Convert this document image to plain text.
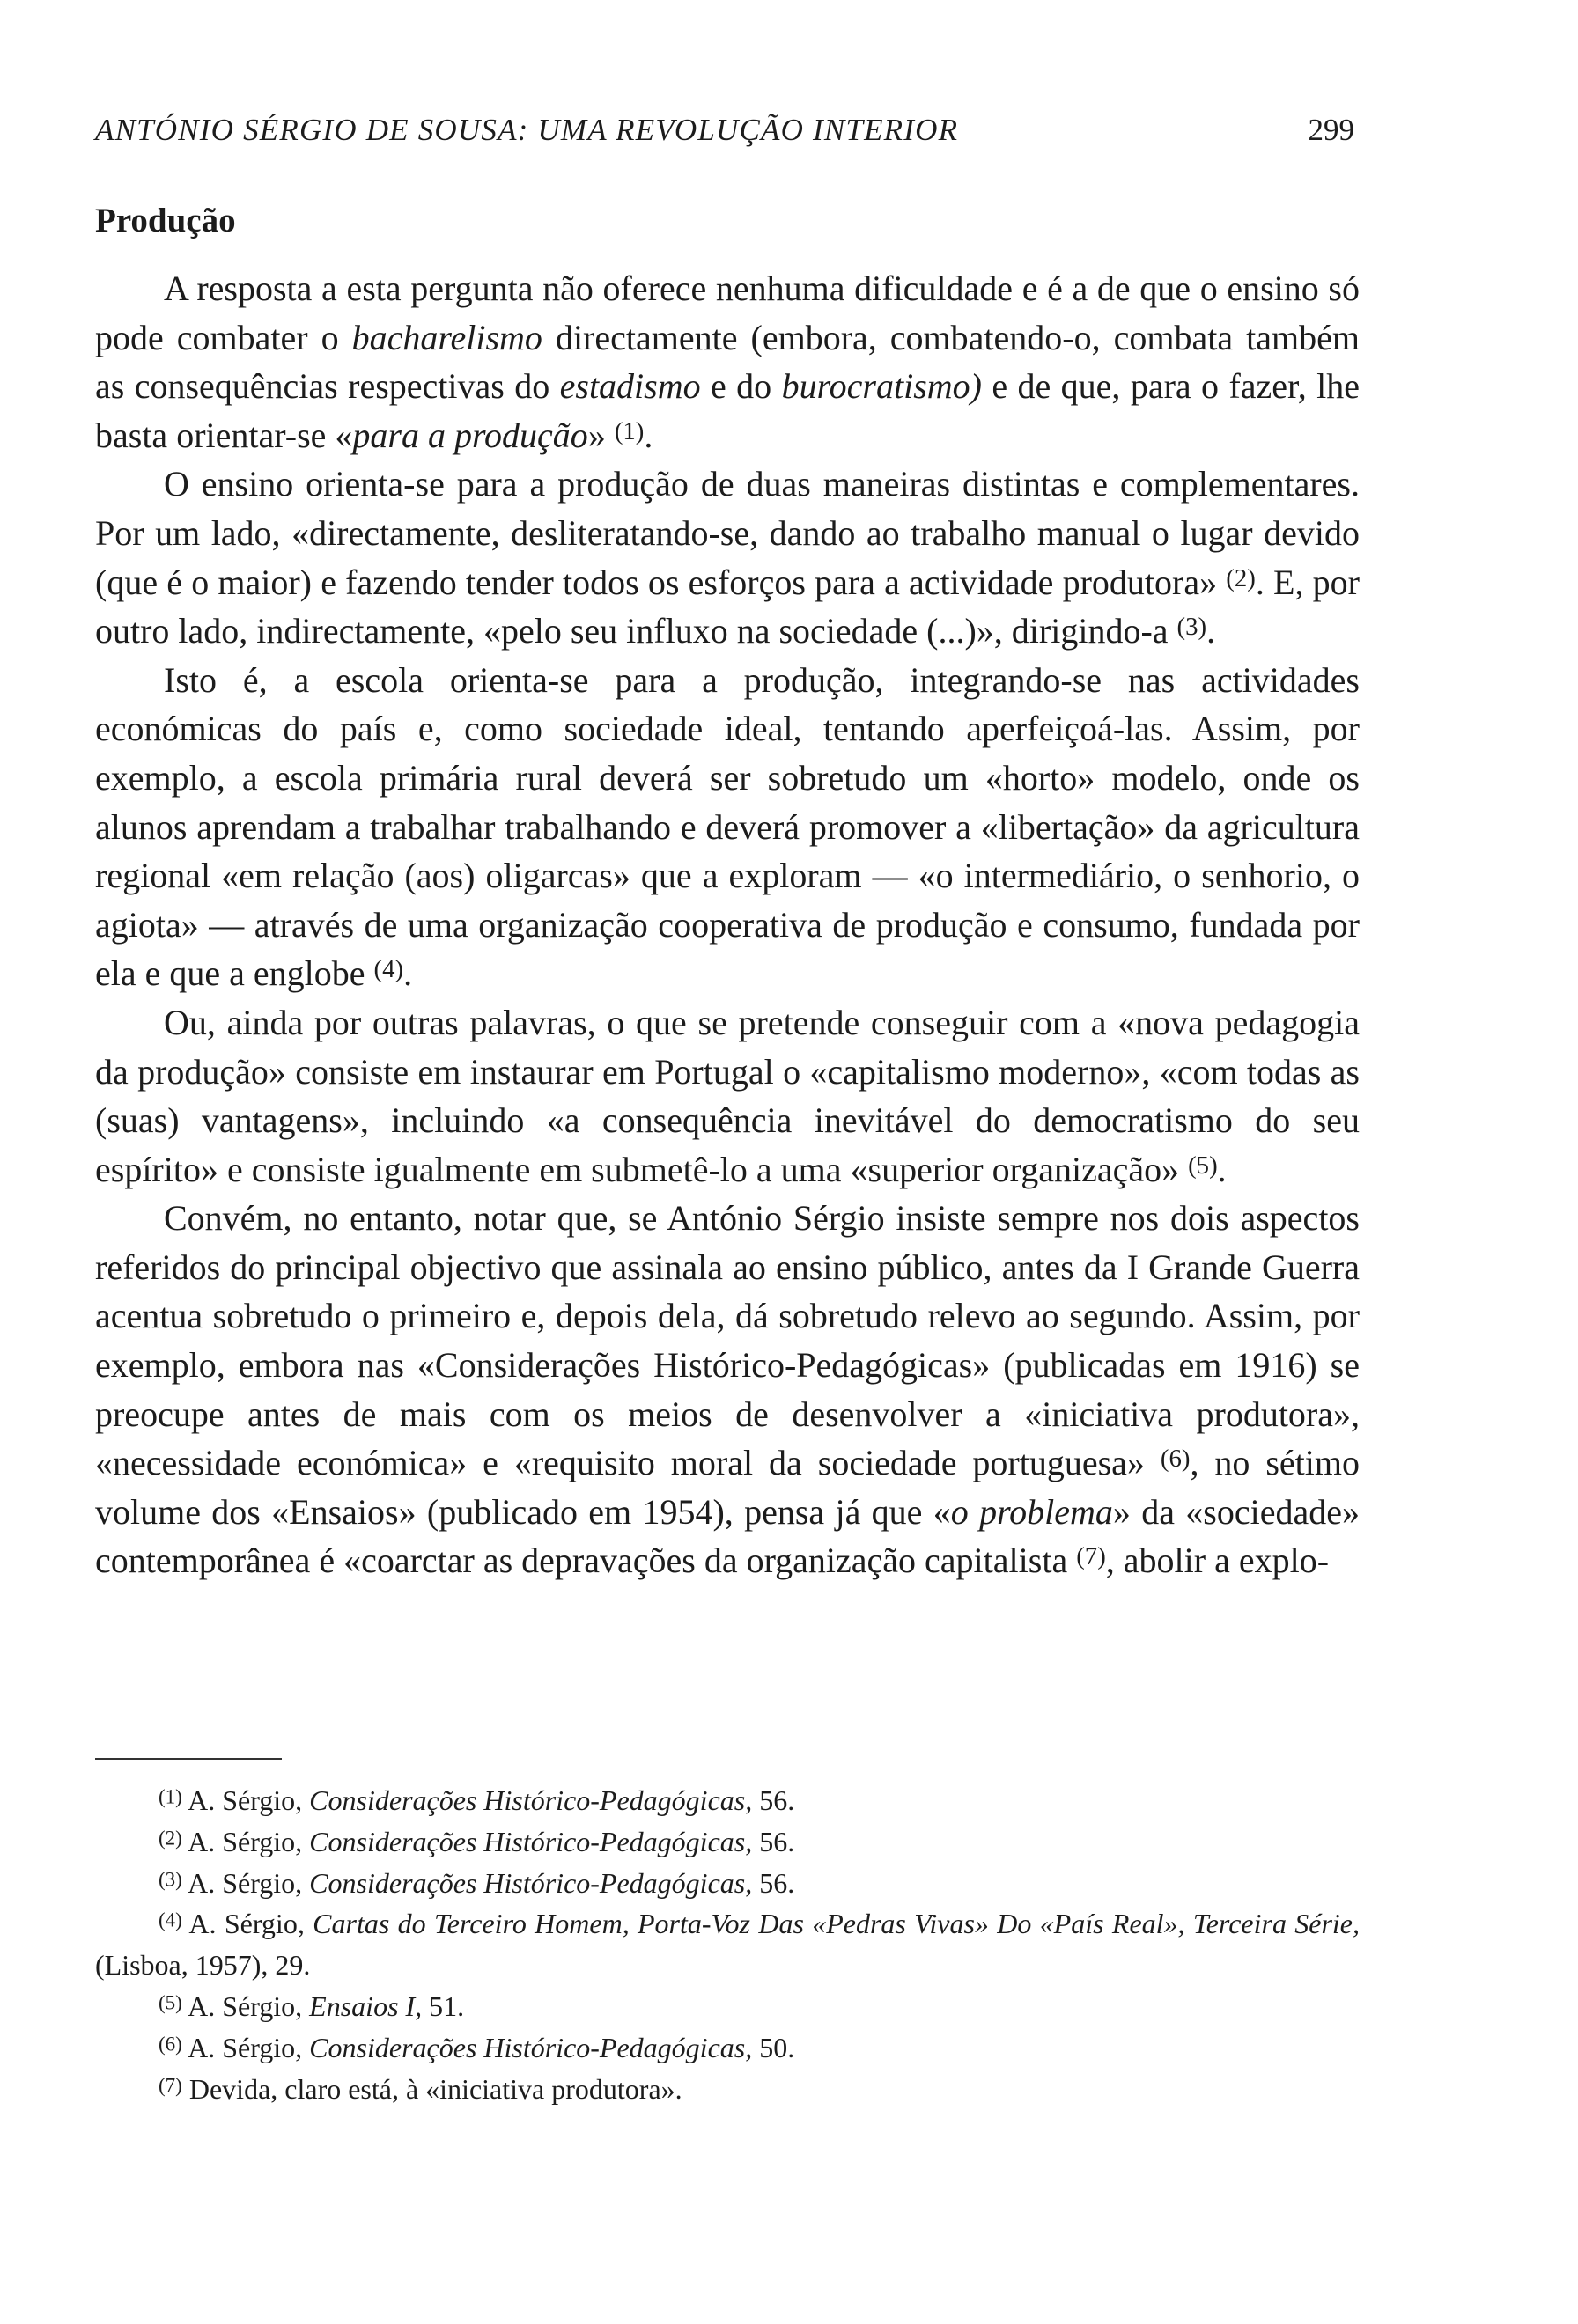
ANTÓNIO SÉRGIO DE SOUSA: UMA REVOLUÇÃO INTERIOR	299
Produção

A resposta a esta pergunta não oferece nenhuma dificuldade e é a de que o ensino só pode combater o bacharelismo directamente (embora, combatendo-o, combata também as consequências respectivas do estadismo e do burocratismo) e de que, para o fazer, lhe basta orientar-se «para a produção» $^{(1)}$.

O ensino orienta-se para a produção de duas maneiras distintas e complementares. Por um lado, «directamente, desliteratando-se, dando ao trabalho manual o lugar devido (que é o maior) e fazendo tender todos os esforços para a actividade produtora» $^{(2)}$. E, por outro lado, indirectamente, «pelo seu influxo na sociedade (...)», dirigindo-a $^{(3)}$.

Isto é, a escola orienta-se para a produção, integrando-se nas actividades económicas do país e, como sociedade ideal, tentando aperfeiçoá-las. Assim, por exemplo, a escola primária rural deverá ser sobretudo um «horto» modelo, onde os alunos aprendam a trabalhar trabalhando e deverá promover a «libertação» da agricultura regional «em relação (aos) oligarcas» que a exploram — «o intermediário, o senhorio, o agiota» — através de uma organização cooperativa de produção e consumo, fundada por ela e que a englobe $^{(4)}$.

Ou, ainda por outras palavras, o que se pretende conseguir com a «nova pedagogia da produção» consiste em instaurar em Portugal o «capitalismo moderno», «com todas as (suas) vantagens», incluindo «a consequência inevitável do democratismo do seu espírito» e consiste igualmente em submetê-lo a uma «superior organização» $^{(5)}$.

Convém, no entanto, notar que, se António Sérgio insiste sempre nos dois aspectos referidos do principal objectivo que assinala ao ensino público, antes da I Grande Guerra acentua sobretudo o primeiro e, depois dela, dá sobretudo relevo ao segundo. Assim, por exemplo, embora nas «Considerações Histórico-Pedagógicas» (publicadas em 1916) se preocupe antes de mais com os meios de desenvolver a «iniciativa produtora», «necessidade económica» e «requisito moral da sociedade portuguesa» $^{(6)}$, no sétimo volume dos «Ensaios» (publicado em 1954), pensa já que «o problema» da «sociedade» contemporânea é «coarctar as depravações da organização capitalista $^{(7)}$, abolir a explo-

$^{(1)}$ A. Sérgio, Considerações Histórico-Pedagógicas, 56.

$^{(2)}$ A. Sérgio, Considerações Histórico-Pedagógicas, 56.

$^{(3)}$ A. Sérgio, Considerações Histórico-Pedagógicas, 56.

$^{(4)}$ A. Sérgio, Cartas do Terceiro Homem, Porta-Voz Das «Pedras Vivas» Do «País Real», Terceira Série, (Lisboa, 1957), 29.

$^{(5)}$ A. Sérgio, Ensaios I, 51.

$^{(6)}$ A. Sérgio, Considerações Histórico-Pedagógicas, 50.

$^{(7)}$ Devida, claro está, à «iniciativa produtora».
